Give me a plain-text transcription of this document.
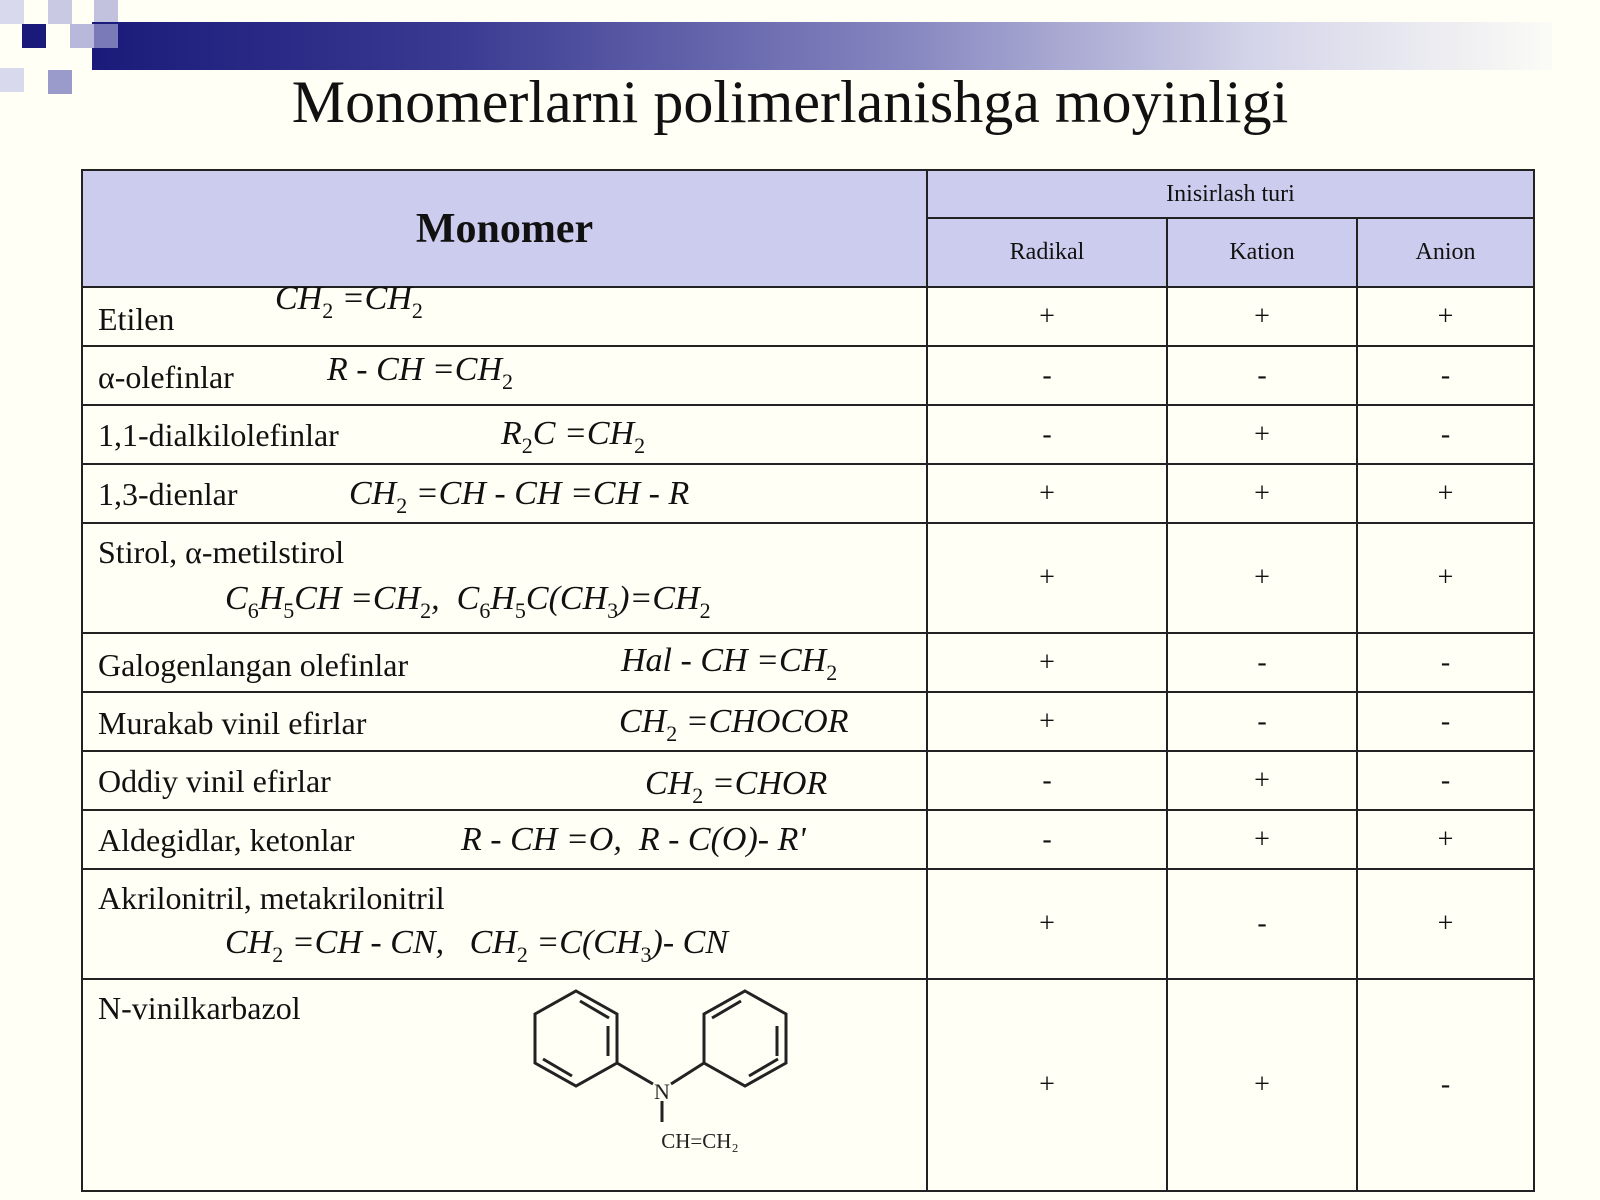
Monomerlarni polimerlanishga moyinligi
Monomer	Inisirlash turi		
	Radikal	Kation	Anion

Etilen
$CH_2 =CH_2$	+	+	+

α-olefinlar R - CH $=CH_2$	-	-	-

1,1-dialkilolefinlar $R_2C =CH_2$	-	+	-

1,3-dienlar $CH_2 =CH$ - CH =CH - R	+	+	+

Stirol, α-metilstirol
$C_6H_5CH =CH_2$,  $C_6H_5C(CH_3)=CH_2$	+	+	+

Galogenlangan olefinlar Hal - CH $=CH_2$	+	-	-

Murakab vinil efirlar $CH_2$ =CHOCOR	+	-	-

Oddiy vinil efirlar $CH_2$ =CHOR	-	+	-

Aldegidlar, ketonlar R - CH =O,  R - C(O)- R'	-	+	+

Akrilonitril, metakrilonitril
$CH_2 =CH$ - CN,   $CH_2 =C(CH_3)-$ CN	+	-	+

N-vinilkarbazol
N
CH=CH₂	+	+	-
